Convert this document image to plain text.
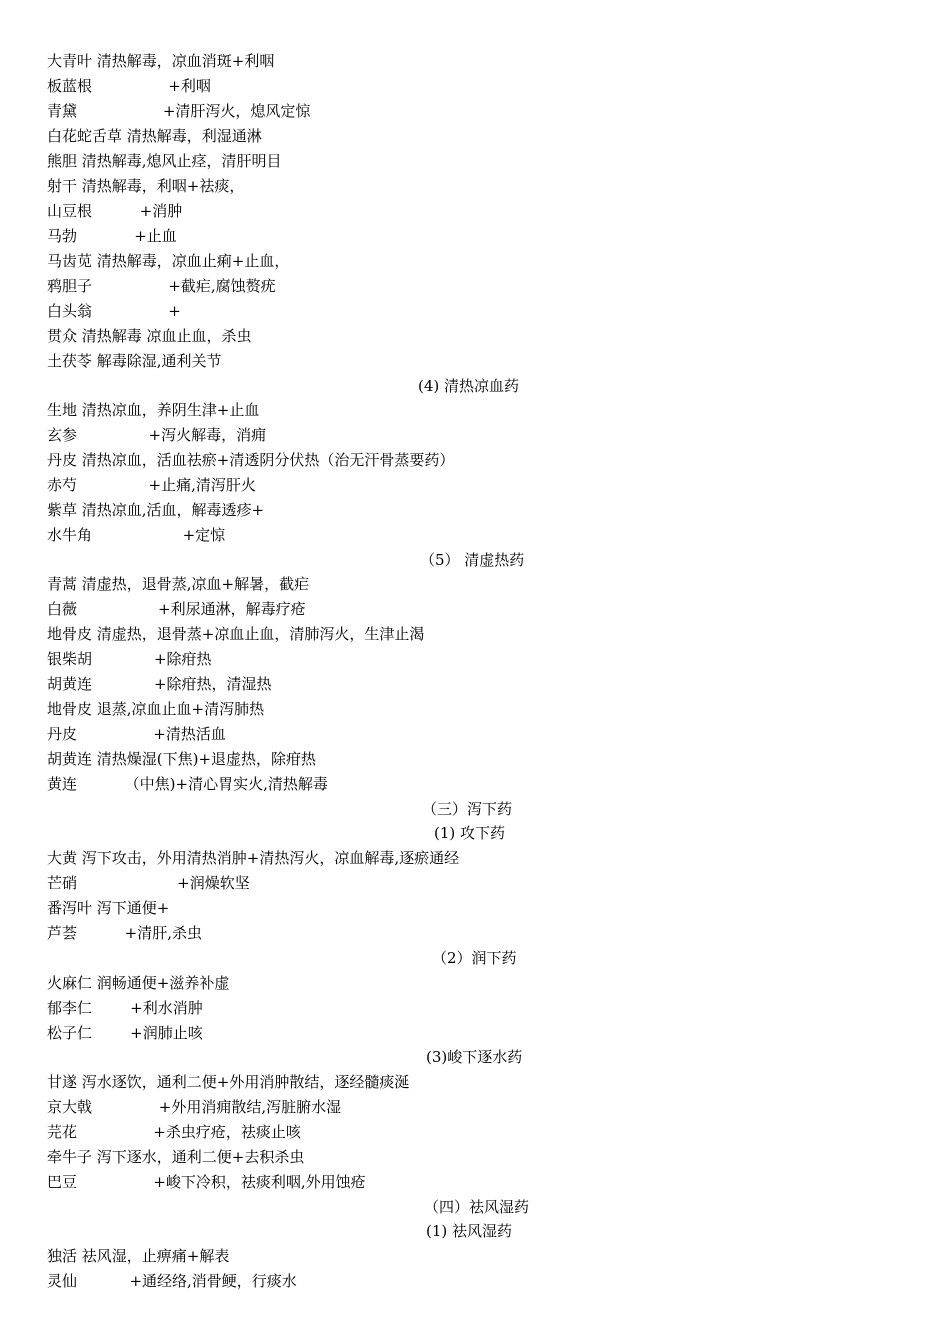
大青叶 清热解毒，凉血消斑+利咽
板蓝根                +利咽
青黛                  +清肝泻火，熄风定惊
白花蛇舌草 清热解毒，利湿通淋
熊胆 清热解毒,熄风止痉，清肝明目
射干 清热解毒，利咽+祛痰，
山豆根          +消肿
马勃            +止血
马齿苋 清热解毒，凉血止痢+止血，
鸦胆子                +截疟,腐蚀赘疣
白头翁                +
贯众 清热解毒 凉血止血，杀虫
土茯苓 解毒除湿,通利关节
(4) 清热凉血药
生地 清热凉血，养阴生津+止血
玄参               +泻火解毒，消痈
丹皮 清热凉血，活血祛瘀+清透阴分伏热（治无汗骨蒸要药）
赤芍               +止痛,清泻肝火
紫草 清热凉血,活血，解毒透疹+
水牛角                   +定惊
（5） 清虚热药
青蒿 清虚热，退骨蒸,凉血+解暑，截疟
白薇                 +利尿通淋，解毒疗疮
地骨皮 清虚热，退骨蒸+凉血止血，清肺泻火，生津止渴
银柴胡             +除疳热
胡黄连             +除疳热，清湿热
地骨皮 退蒸,凉血止血+清泻肺热
丹皮                +清热活血
胡黄连 清热燥湿(下焦)+退虚热，除疳热
黄连          （中焦)+清心胃实火,清热解毒
（三）泻下药
(1) 攻下药
大黄 泻下攻击，外用清热消肿+清热泻火，凉血解毒,逐瘀通经
芒硝                     +润燥软坚
番泻叶 泻下通便+
芦荟          +清肝,杀虫
（2）润下药
火麻仁 润畅通便+滋养补虚
郁李仁        +利水消肿
松子仁        +润肺止咳
(3)峻下逐水药
甘遂 泻水逐饮，通利二便+外用消肿散结，逐经髓痰涎
京大戟              +外用消痈散结,泻脏腑水湿
芫花                +杀虫疗疮，祛痰止咳
牵牛子 泻下逐水，通利二便+去积杀虫
巴豆                +峻下冷积，祛痰利咽,外用蚀疮
（四）祛风湿药
(1) 祛风湿药
独活 祛风湿，止痹痛+解表
灵仙           +通经络,消骨鲠，行痰水
